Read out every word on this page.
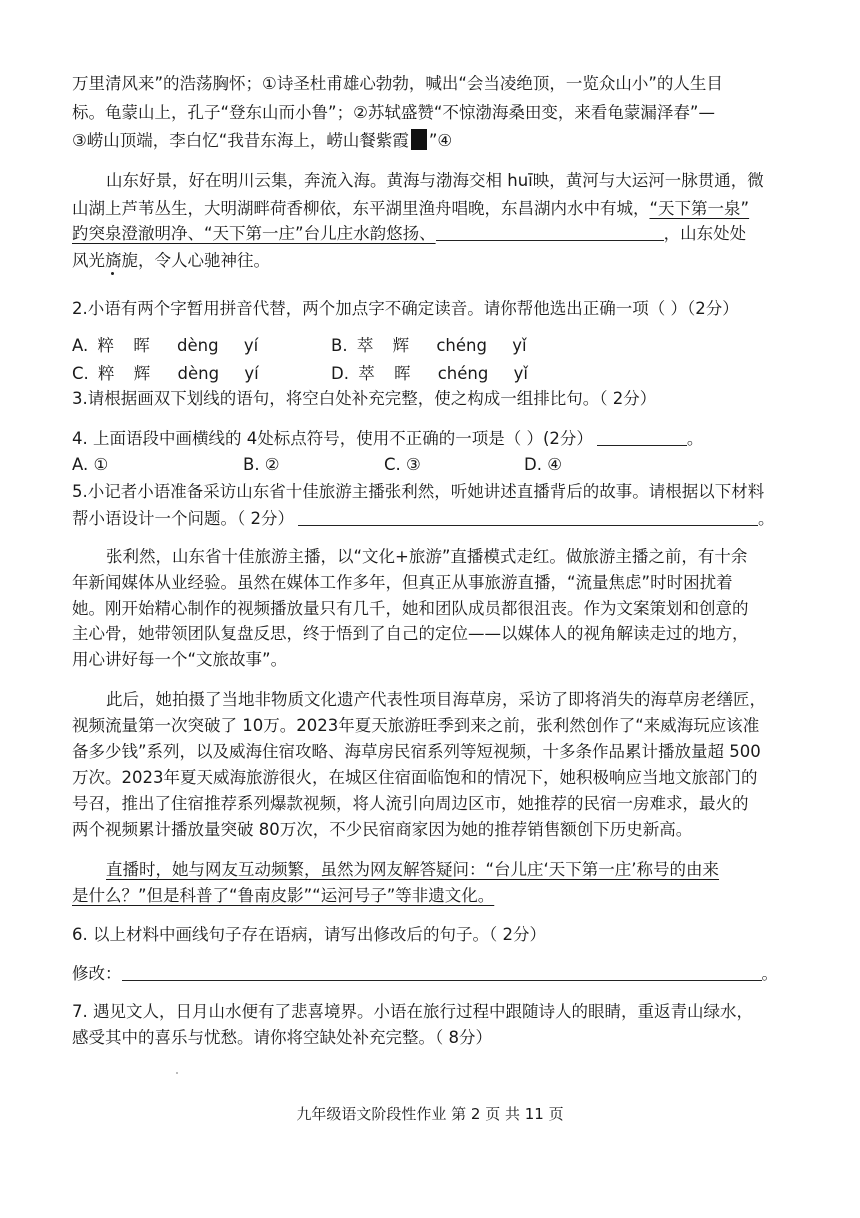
万里清风来”的浩荡胸怀；①诗圣杜甫雄心勃勃，喊出“会当凌绝顶，一览众山小”的人生目
标。龟蒙山上，孔子“登东山而小鲁”；②苏轼盛赞“不惊渤海桑田变，来看龟蒙漏泽春”—
③崂山顶端，李白忆“我昔东海上，崂山餐紫霞 ”④
山东好景，好在明川云集，奔流入海。黄海与渤海交相 huī映，黄河与大运河一脉贯通，微
山湖上芦苇丛生，大明湖畔荷香柳依，东平湖里渔舟唱晚，东昌湖内水中有城，“天下第一泉”
趵突泉澄澈明净、“天下第一庄”台儿庄水韵悠扬、	，山东处处
风光旖旎，令人心驰神往。
2.小语有两个字暂用拼音代替，两个加点字不确定读音。请你帮他选出正确一项（ ）（2分）
A. 粹 晖 dèng yí	B. 萃 辉 chéng yǐ
C. 粹 辉 dèng yí	D. 萃 晖 chéng yǐ
3.请根据画双下划线的语句，将空白处补充完整，使之构成一组排比句。（ 2分）
4. 上面语段中画横线的 4处标点符号，使用不正确的一项是（ ）(2分）	。
A. ①	B. ②	C. ③	D. ④
5.小记者小语准备采访山东省十佳旅游主播张利然，听她讲述直播背后的故事。请根据以下材料
帮小语设计一个问题。（ 2分）	。
张利然，山东省十佳旅游主播，以“文化+旅游”直播模式走红。做旅游主播之前，有十余
年新闻媒体从业经验。虽然在媒体工作多年，但真正从事旅游直播，“流量焦虑”时时困扰着
她。刚开始精心制作的视频播放量只有几千，她和团队成员都很沮丧。作为文案策划和创意的
主心骨，她带领团队复盘反思，终于悟到了自己的定位——以媒体人的视角解读走过的地方，
用心讲好每一个“文旅故事”。
此后，她拍摄了当地非物质文化遗产代表性项目海草房，采访了即将消失的海草房老缮匠，
视频流量第一次突破了 10万。2023年夏天旅游旺季到来之前，张利然创作了“来威海玩应该准
备多少钱”系列，以及威海住宿攻略、海草房民宿系列等短视频，十多条作品累计播放量超 500
万次。2023年夏天威海旅游很火，在城区住宿面临饱和的情况下，她积极响应当地文旅部门的
号召，推出了住宿推荐系列爆款视频，将人流引向周边区市，她推荐的民宿一房难求，最火的
两个视频累计播放量突破 80万次，不少民宿商家因为她的推荐销售额创下历史新高。
直播时，她与网友互动频繁，虽然为网友解答疑问：“台儿庄‘天下第一庄’称号的由来
是什么？”但是科普了“鲁南皮影”“运河号子”等非遗文化。
6. 以上材料中画线句子存在语病，请写出修改后的句子。（ 2分）
修改：	。
7. 遇见文人，日月山水便有了悲喜境界。小语在旅行过程中跟随诗人的眼睛，重返青山绿水，
感受其中的喜乐与忧愁。请你将空缺处补充完整。（ 8分）
九年级语文阶段性作业 第 2 页 共 11 页
